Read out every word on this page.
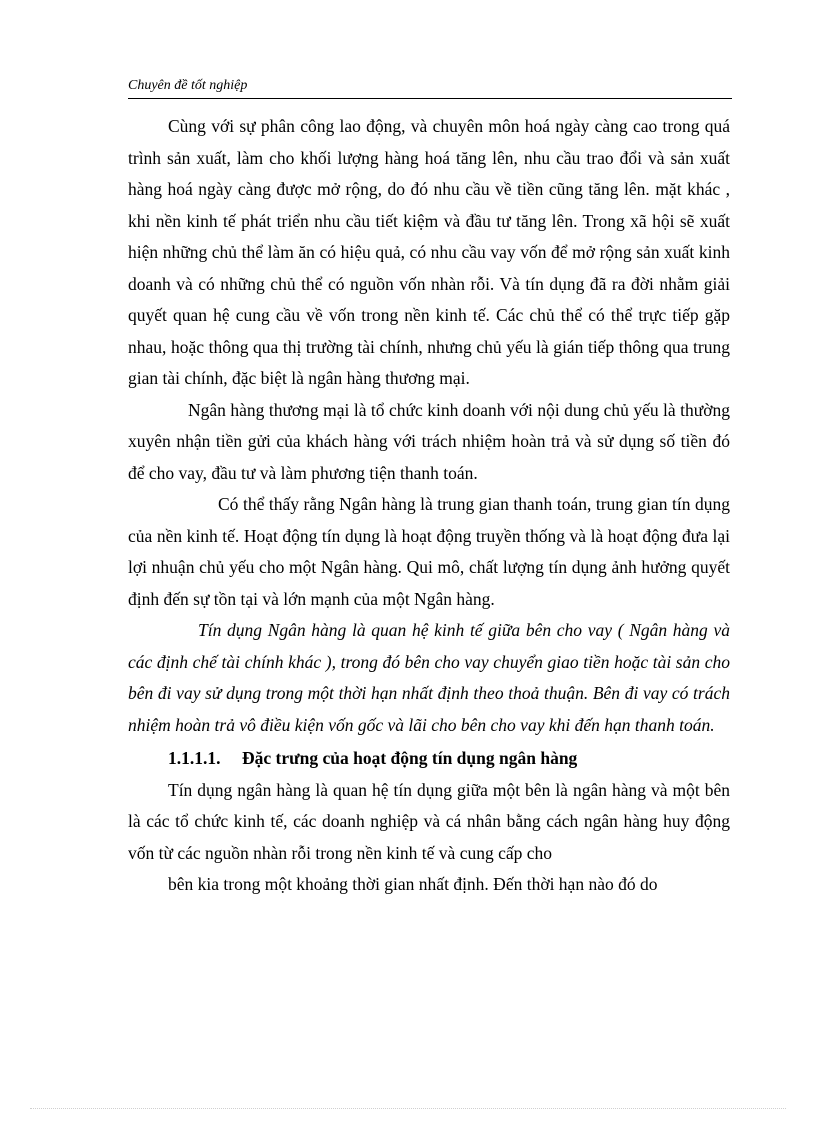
Chuyên đề tốt nghiệp

Cùng với sự phân công lao động, và chuyên môn hoá ngày càng cao trong quá trình sản xuất, làm cho khối lượng hàng hoá tăng lên, nhu cầu trao đổi và sản xuất hàng hoá ngày càng được mở rộng, do đó nhu cầu về tiền cũng tăng lên. mặt khác , khi nền kinh tế phát triển nhu cầu tiết kiệm và đầu tư tăng lên. Trong xã hội sẽ xuất hiện những chủ thể làm ăn có hiệu quả, có nhu cầu vay vốn để mở rộng sản xuất kinh doanh và có những chủ thể có nguồn vốn nhàn rỗi. Và tín dụng đã ra đời nhằm giải quyết quan hệ cung cầu về vốn trong nền kinh tế. Các chủ thể có thể trực tiếp gặp nhau, hoặc thông qua thị trường tài chính, nhưng chủ yếu là gián tiếp thông qua trung gian tài chính, đặc biệt là ngân hàng thương mại.

Ngân hàng thương mại là tổ chức kinh doanh với nội dung chủ yếu là thường xuyên nhận tiền gửi của khách hàng với trách nhiệm hoàn trả và sử dụng số tiền đó để cho vay, đầu tư và làm phương tiện thanh toán.

Có thể thấy rằng Ngân hàng là trung gian thanh toán, trung gian tín dụng của nền kinh tế. Hoạt động tín dụng là hoạt động truyền thống và là hoạt động đưa lại lợi nhuận chủ yếu cho một Ngân hàng. Qui mô, chất lượng tín dụng ảnh hưởng quyết định đến sự tồn tại và lớn mạnh của một Ngân hàng.

Tín dụng Ngân hàng là quan hệ kinh tế giữa bên cho vay ( Ngân hàng và các định chế tài chính khác ), trong đó bên cho vay chuyển giao tiền hoặc tài sản cho bên đi vay sử dụng trong một thời hạn nhất định theo thoả thuận. Bên đi vay có trách nhiệm hoàn trả vô điều kiện vốn gốc và lãi cho bên cho vay khi đến hạn thanh toán.

1.1.1.1. Đặc trưng của hoạt động tín dụng ngân hàng

Tín dụng ngân hàng là quan hệ tín dụng giữa một bên là ngân hàng và một bên là các tổ chức kinh tế, các doanh nghiệp và cá nhân bằng cách ngân hàng huy động vốn từ các nguồn nhàn rỗi trong nền kinh tế và cung cấp cho

bên kia trong một khoảng thời gian nhất định. Đến thời hạn nào đó do
